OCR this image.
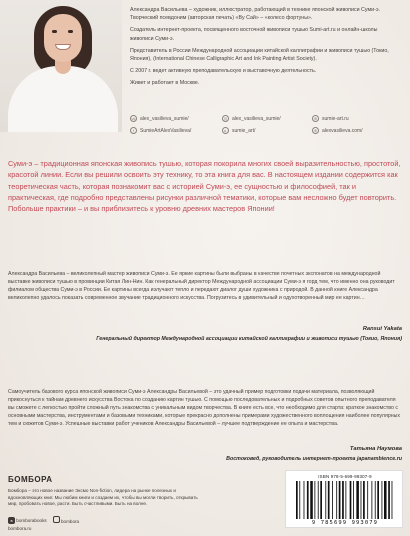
Александра Васильева – художник, иллюстратор, работающий в технике японской живописи Суми-э. Творческий псевдоним (авторская печать) «Ву Сай» – «колесо фортуны».

Создатель интернет-проекта, посвященного восточной живописи тушью Sumi-art.ru и онлайн-школы живописи Суми-э.

Представитель в России Международной ассоциации китайской каллиграфии и живописи тушью (Токио, Япония), (International Chinese Calligraphic Art and Ink Painting Artist Society).

С 2007 г. ведет активную преподавательскую и выставочную деятельность.

Живет и работает в Москве.

vk alex_vasilieva_sumie/	◎ alex_vasilieva_sumie/	⊕ sumie-art.ru
f	SumieArtAlexVasilieva/	▸	sumie_art/	⊕ alexvasilieva.com/

Суми-э – традиционная японская живопись тушью, которая покорила многих своей выразительностью, простотой, красотой линии. Если вы решили освоить эту технику, то эта книга для вас. В настоящем издании содержится как теоретическая часть, которая познакомит вас с историей Суми-э, ее сущностью и философией, так и практическая, где подробно представлены рисунки различной тематики, которые вам несложно будет повторить. Побольше практики – и вы приблизитесь к уровню древних мастеров Японии!

Александра Васильева – великолепный мастер живописи Суми-э. Ее яркие картины были выбраны в качестве почетных экспонатов на международной выставке живописи тушью в провинции Китая Лин-Нин. Как генеральный директор Международной ассоциации Суми-э я горд тем, что именно она руководит филиалом общества Суми-э в России. Ее картины всегда излучают тепло и передают диалог души художника с природой. В данной книге Александра великолепно удалось показать современное звучание традиционного искусства. Погрузитесь в удивительный и одухотворенный мир ее картин…

Ransui Yakata
Генеральный директор Международной ассоциации китайской каллиграфии и живописи тушью (Токио, Япония)

Самоучитель базового курса японской живописи Суми-э Александры Васильевой – это удачный пример подготовки подачи материала, позволяющий прикоснуться к тайнам древнего искусства Востока по созданию картин тушью. С помощью последовательных и подробных советов опытного преподавателя вы сможете с легкостью пройти сложный путь знакомства с уникальным видом творчества. В книге есть все, что необходимо для старта: краткое знакомство с основными мастерства, инструментами и базовыми техниками, которые прекрасно дополнены примерами художественного воплощения наиболее популярных тем и сюжетов Суми-э. Успешные выставки работ учеников Александры Васильевой – лучшее подтверждение ее опыта и мастерства.

Татьяна Наумова
Востоковед, руководитель интернет-проекта japanambience.ru
БОМБОРА

Бомбора – это новое название Эксмо Non-fiction, лидера на рынке полезных и вдохновляющих книг. Мы любим книги и создаем их, чтобы вы могли творить, открывать мир, пробовать новое, расти. Быть счастливыми. Быть на волне.

в bomborabooks	bombora
bombora.ru
ISBN 978-5-699-99307-9
9 785699 993079
